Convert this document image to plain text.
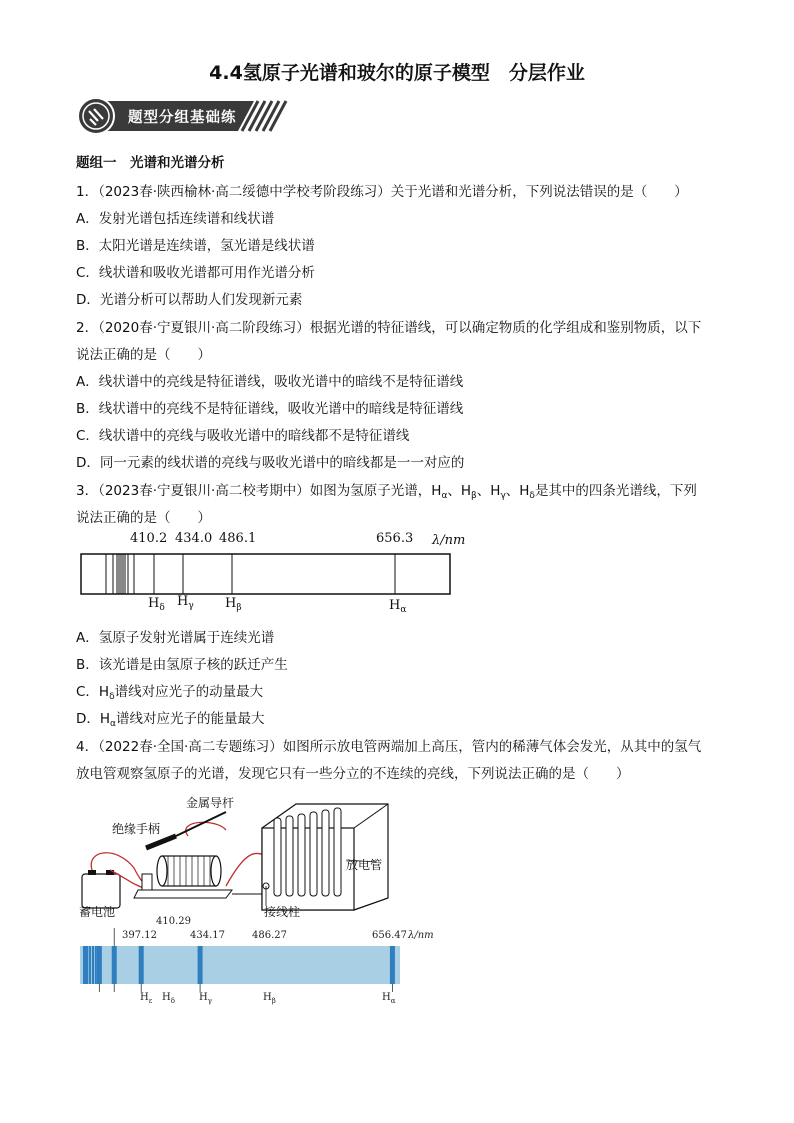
4.4氢原子光谱和玻尔的原子模型　分层作业
题型分组基础练
题组一　光谱和光谱分析
1．（2023春·陕西榆林·高二绥德中学校考阶段练习）关于光谱和光谱分析，下列说法错误的是（　　）
A．发射光谱包括连续谱和线状谱
B．太阳光谱是连续谱，氢光谱是线状谱
C．线状谱和吸收光谱都可用作光谱分析
D．光谱分析可以帮助人们发现新元素
2．（2020春·宁夏银川·高二阶段练习）根据光谱的特征谱线，可以确定物质的化学组成和鉴别物质，以下
说法正确的是（　　）
A．线状谱中的亮线是特征谱线，吸收光谱中的暗线不是特征谱线
B．线状谱中的亮线不是特征谱线，吸收光谱中的暗线是特征谱线
C．线状谱中的亮线与吸收光谱中的暗线都不是特征谱线
D．同一元素的线状谱的亮线与吸收光谱中的暗线都是一一对应的
3．（2023春·宁夏银川·高二校考期中）如图为氢原子光谱，$H_\alpha$、$H_\beta$、$H_\gamma$、$H_\delta$是其中的四条光谱线，下列
说法正确的是（　　）
410.2 434.0 486.1	656.3 λ/nm
$H_\delta$ $H_\gamma$ $H_\beta$	$H_\alpha$
A．氢原子发射光谱属于连续光谱
B．该光谱是由氢原子核的跃迁产生
C．$H_\delta$谱线对应光子的动量最大
D．$H_\alpha$谱线对应光子的能量最大
4．（2022春·全国·高二专题练习）如图所示放电管两端加上高压，管内的稀薄气体会发光，从其中的氢气
放电管观察氢原子的光谱，发现它只有一些分立的不连续的亮线，下列说法正确的是（　　）
绝缘手柄
金属导杆
放电管
蓄电池	接线柱
397.12
410.29
434.17	486.27	656.47 λ/nm
$H_\varepsilon$ $H_\delta$ $H_\gamma$	$H_\beta$	$H_\alpha$
